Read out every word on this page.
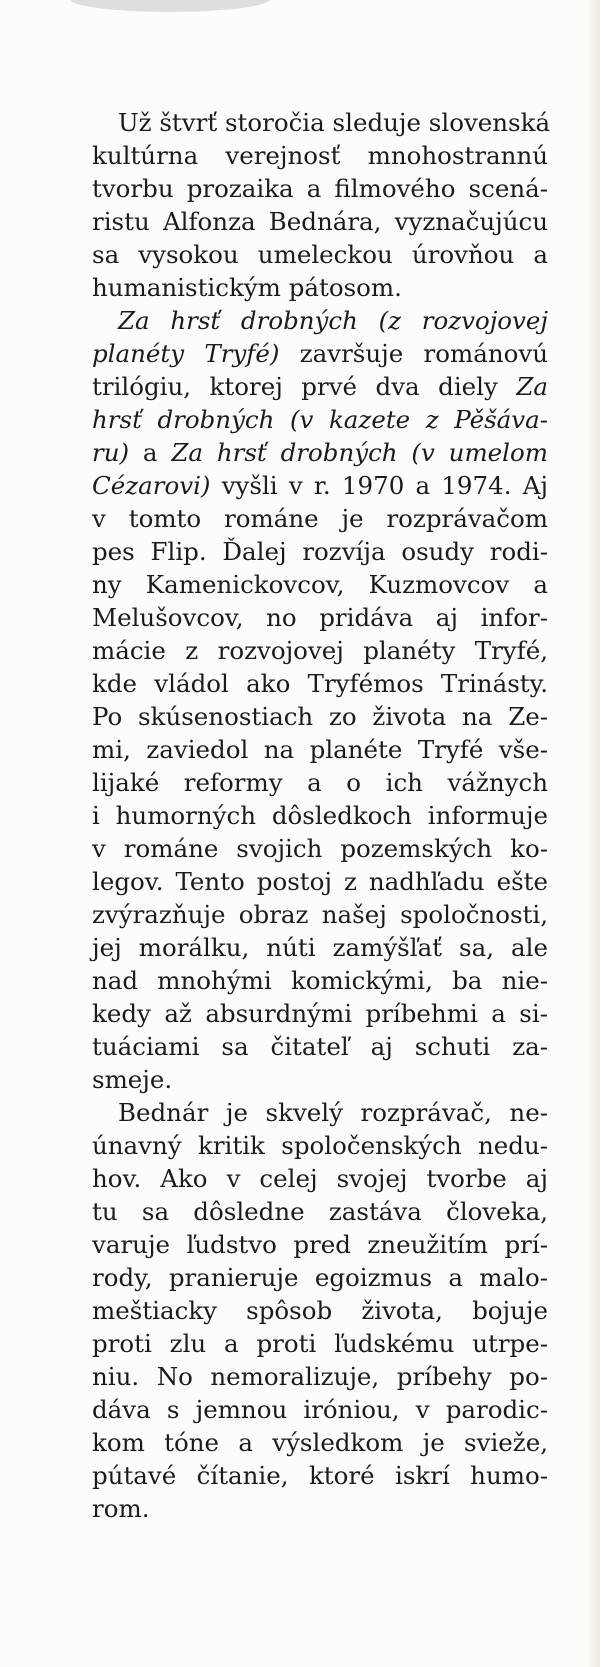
Už štvrť storočia sleduje slovenská
kultúrna verejnosť mnohostrannú
tvorbu prozaika a filmového scená-
ristu Alfonza Bednára, vyznačujúcu
sa vysokou umeleckou úrovňou a
humanistickým pátosom.
Za hrsť drobných (z rozvojovej
planéty Tryfé) završuje románovú
trilógiu, ktorej prvé dva diely Za
hrsť drobných (v kazete z Pěšáva-
ru) a Za hrsť drobných (v umelom
Cézarovi) vyšli v r. 1970 a 1974. Aj
v tomto románe je rozprávačom
pes Flip. Ďalej rozvíja osudy rodi-
ny Kamenickovcov, Kuzmovcov a
Melušovcov, no pridáva aj infor-
mácie z rozvojovej planéty Tryfé,
kde vládol ako Tryfémos Trinásty.
Po skúsenostiach zo života na Ze-
mi, zaviedol na planéte Tryfé vše-
lijaké reformy a o ich vážnych
i humorných dôsledkoch informuje
v románe svojich pozemských ko-
legov. Tento postoj z nadhľadu ešte
zvýrazňuje obraz našej spoločnosti,
jej morálku, núti zamýšľať sa, ale
nad mnohými komickými, ba nie-
kedy až absurdnými príbehmi a si-
tuáciami sa čitateľ aj schuti za-
smeje.
Bednár je skvelý rozprávač, ne-
únavný kritik spoločenských nedu-
hov. Ako v celej svojej tvorbe aj
tu sa dôsledne zastáva človeka,
varuje ľudstvo pred zneužitím prí-
rody, pranieruje egoizmus a malo-
meštiacky spôsob života, bojuje
proti zlu a proti ľudskému utrpe-
niu. No nemoralizuje, príbehy po-
dáva s jemnou iróniou, v parodic-
kom tóne a výsledkom je svieže,
pútavé čítanie, ktoré iskrí humo-
rom.
